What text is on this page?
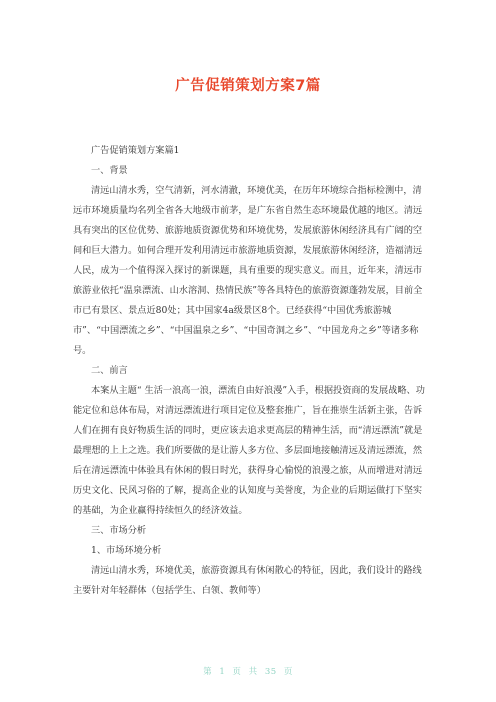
广告促销策划方案7篇

广告促销策划方案篇1

一、背景

清远山清水秀，空气清新，河水清澈，环境优美，在历年环境综合指标检测中，清远市环境质量均名列全省各大地级市前茅，是广东省自然生态环境最优越的地区。清远具有突出的区位优势、旅游地质资源优势和环境优势，发展旅游休闲经济具有广阔的空间和巨大潜力。如何合理开发利用清远市旅游地质资源，发展旅游休闲经济，造福清远人民，成为一个值得深入探讨的新课题，具有重要的现实意义。而且，近年来，清远市旅游业依托“温泉漂流、山水溶洞、热情民族”等各具特色的旅游资源蓬勃发展，目前全市已有景区、景点近80处；其中国家4a级景区8个。已经获得“中国优秀旅游城市”、“中国漂流之乡”、“中国温泉之乡”、“中国奇洞之乡”、“中国龙舟之乡”等诸多称号。

二、前言

本案从主题“ 生活一浪高一浪，漂流自由好浪漫”入手，根据投资商的发展战略、功能定位和总体布局，对清远漂流进行项目定位及整套推广，旨在推崇生活新主张，告诉人们在拥有良好物质生活的同时，更应该去追求更高层的精神生活，而“清远漂流”就是最理想的上上之选。我们所要做的是让游人多方位、多层面地接触清远及清远漂流，然后在清远漂流中体验具有休闲的假日时光，获得身心愉悦的浪漫之旅，从而增进对清远历史文化、民风习俗的了解，提高企业的认知度与美誉度，为企业的后期运做打下坚实的基础，为企业赢得持续恒久的经济效益。

三、市场分析

1、市场环境分析

清远山清水秀，环境优美，旅游资源具有休闲散心的特征，因此，我们设计的路线主要针对年轻群体（包括学生、白领、教师等）

第 1 页 共 35 页
